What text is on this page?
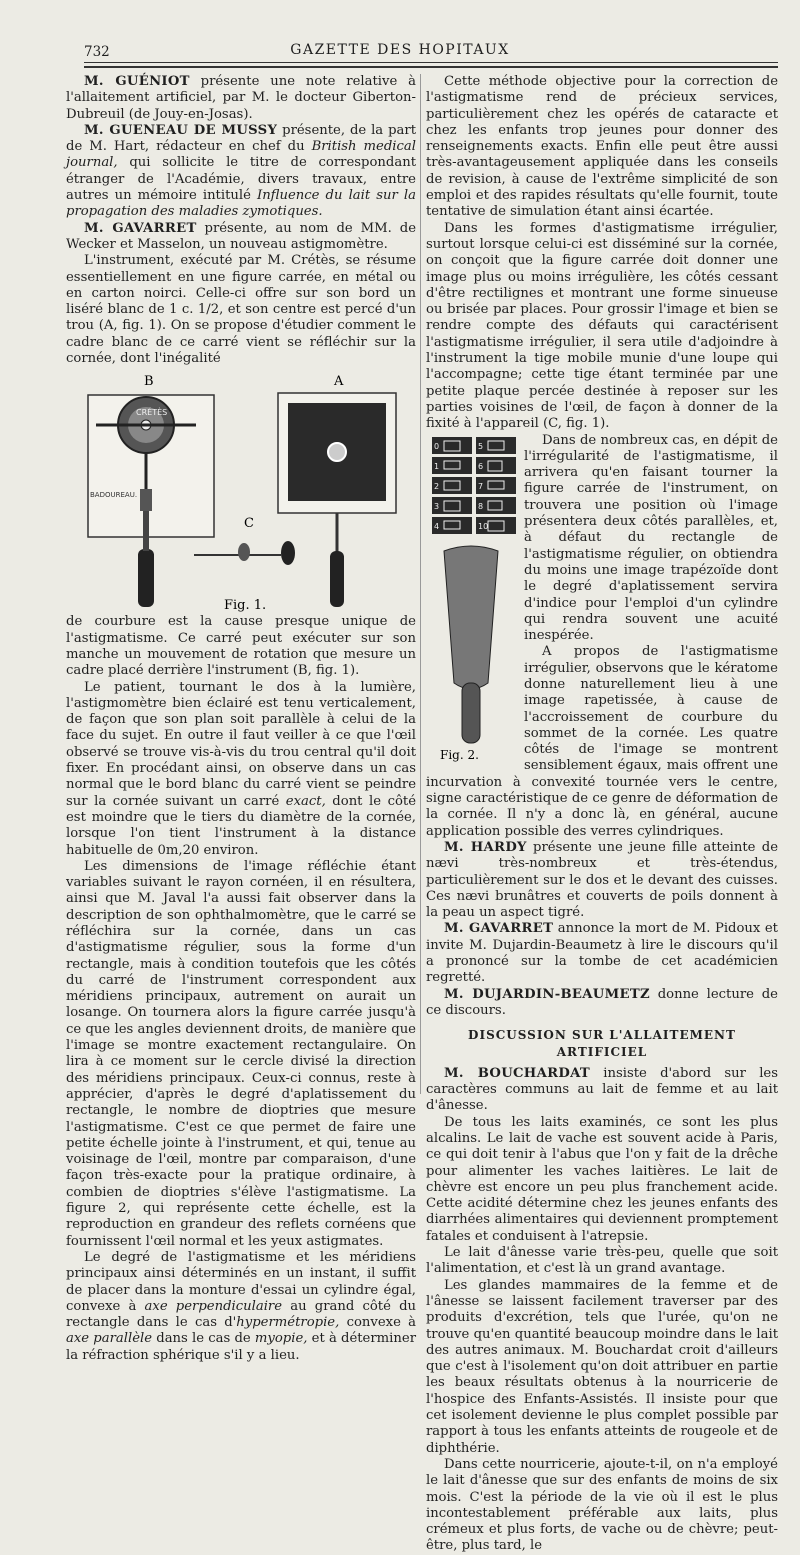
732	GAZETTE DES HOPITAUX

M. GUÉNIOT présente une note relative à l'allaitement artificiel, par M. le docteur Giberton-Dubreuil (de Jouy-en-Josas).

M. GUENEAU DE MUSSY présente, de la part de M. Hart, rédacteur en chef du British medical journal, qui sollicite le titre de correspondant étranger de l'Académie, divers travaux, entre autres un mémoire intitulé Influence du lait sur la propagation des maladies zymotiques.

M. GAVARRET présente, au nom de MM. de Wecker et Masselon, un nouveau astigmomètre.

L'instrument, exécuté par M. Crétès, se résume essentiellement en une figure carrée, en métal ou en carton noirci. Celle-ci offre sur son bord un liséré blanc de 1 c. 1/2, et son centre est percé d'un trou (A, fig. 1). On se propose d'étudier comment le cadre blanc de ce carré vient se réfléchir sur la cornée, dont l'inégalité

B	A
CRÉTÈS
BADOUREAU.
C
Fig. 1.

de courbure est la cause presque unique de l'astigmatisme. Ce carré peut exécuter sur son manche un mouvement de rotation que mesure un cadre placé derrière l'instrument (B, fig. 1).

Le patient, tournant le dos à la lumière, l'astigmomètre bien éclairé est tenu verticalement, de façon que son plan soit parallèle à celui de la face du sujet. En outre il faut veiller à ce que l'œil observé se trouve vis-à-vis du trou central qu'il doit fixer. En procédant ainsi, on observe dans un cas normal que le bord blanc du carré vient se peindre sur la cornée suivant un carré exact, dont le côté est moindre que le tiers du diamètre de la cornée, lorsque l'on tient l'instrument à la distance habituelle de 0m,20 environ.

Les dimensions de l'image réfléchie étant variables suivant le rayon cornéen, il en résultera, ainsi que M. Javal l'a aussi fait observer dans la description de son ophthalmomètre, que le carré se réfléchira sur la cornée, dans un cas d'astigmatisme régulier, sous la forme d'un rectangle, mais à condition toutefois que les côtés du carré de l'instrument correspondent aux méridiens principaux, autrement on aurait un losange. On tournera alors la figure carrée jusqu'à ce que les angles deviennent droits, de manière que l'image se montre exactement rectangulaire. On lira à ce moment sur le cercle divisé la direction des méridiens principaux. Ceux-ci connus, reste à apprécier, d'après le degré d'aplatissement du rectangle, le nombre de dioptries que mesure l'astigmatisme. C'est ce que permet de faire une petite échelle jointe à l'instrument, et qui, tenue au voisinage de l'œil, montre par comparaison, d'une façon très-exacte pour la pratique ordinaire, à combien de dioptries s'élève l'astigmatisme. La figure 2, qui représente cette échelle, est la reproduction en grandeur des reflets cornéens que fournissent l'œil normal et les yeux astigmates.

Le degré de l'astigmatisme et les méridiens principaux ainsi déterminés en un instant, il suffit de placer dans la monture d'essai un cylindre égal, convexe à axe perpendiculaire au grand côté du rectangle dans le cas d'hypermétropie, convexe à axe parallèle dans le cas de myopie, et à déterminer la réfraction sphérique s'il y a lieu.

Cette méthode objective pour la correction de l'astigmatisme rend de précieux services, particulièrement chez les opérés de cataracte et chez les enfants trop jeunes pour donner des renseignements exacts. Enfin elle peut être aussi très-avantageusement appliquée dans les conseils de revision, à cause de l'extrême simplicité de son emploi et des rapides résultats qu'elle fournit, toute tentative de simulation étant ainsi écartée.

Dans les formes d'astigmatisme irrégulier, surtout lorsque celui-ci est disséminé sur la cornée, on conçoit que la figure carrée doit donner une image plus ou moins irrégulière, les côtés cessant d'être rectilignes et montrant une forme sinueuse ou brisée par places. Pour grossir l'image et bien se rendre compte des défauts qui caractérisent l'astigmatisme irrégulier, il sera utile d'adjoindre à l'instrument la tige mobile munie d'une loupe qui l'accompagne; cette tige étant terminée par une petite plaque percée destinée à reposer sur les parties voisines de l'œil, de façon à donner de la fixité à l'appareil (C, fig. 1).

0	5
1	6
2	7
3	8
4	10
Fig. 2.

Dans de nombreux cas, en dépit de l'irrégularité de l'astigmatisme, il arrivera qu'en faisant tourner la figure carrée de l'instrument, on trouvera une position où l'image présentera deux côtés parallèles, et, à défaut du rectangle de l'astigmatisme régulier, on obtiendra du moins une image trapézoïde dont le degré d'aplatissement servira d'indice pour l'emploi d'un cylindre qui rendra souvent une acuité inespérée.

A propos de l'astigmatisme irrégulier, observons que le kératome donne naturellement lieu à une image rapetissée, à cause de l'accroissement de courbure du sommet de la cornée. Les quatre côtés de l'image se montrent sensiblement égaux, mais offrent une incurvation à convexité tournée vers le centre, signe caractéristique de ce genre de déformation de la cornée. Il n'y a donc là, en général, aucune application possible des verres cylindriques.

M. HARDY présente une jeune fille atteinte de nævi très-nombreux et très-étendus, particulièrement sur le dos et le devant des cuisses. Ces nævi brunâtres et couverts de poils donnent à la peau un aspect tigré.

M. GAVARRET annonce la mort de M. Pidoux et invite M. Dujardin-Beaumetz à lire le discours qu'il a prononcé sur la tombe de cet académicien regretté.

M. DUJARDIN-BEAUMETZ donne lecture de ce discours.

DISCUSSION SUR L'ALLAITEMENT ARTIFICIEL

M. BOUCHARDAT insiste d'abord sur les caractères communs au lait de femme et au lait d'ânesse.

De tous les laits examinés, ce sont les plus alcalins. Le lait de vache est souvent acide à Paris, ce qui doit tenir à l'abus que l'on y fait de la drêche pour alimenter les vaches laitières. Le lait de chèvre est encore un peu plus franchement acide. Cette acidité détermine chez les jeunes enfants des diarrhées alimentaires qui deviennent promptement fatales et conduisent à l'atrepsie.

Le lait d'ânesse varie très-peu, quelle que soit l'alimentation, et c'est là un grand avantage.

Les glandes mammaires de la femme et de l'ânesse se laissent facilement traverser par des produits d'excrétion, tels que l'urée, qu'on ne trouve qu'en quantité beaucoup moindre dans le lait des autres animaux. M. Bouchardat croit d'ailleurs que c'est à l'isolement qu'on doit attribuer en partie les beaux résultats obtenus à la nourricerie de l'hospice des Enfants-Assistés. Il insiste pour que cet isolement devienne le plus complet possible par rapport à tous les enfants atteints de rougeole et de diphthérie.

Dans cette nourricerie, ajoute-t-il, on n'a employé le lait d'ânesse que sur des enfants de moins de six mois. C'est la période de la vie où il est le plus incontestablement préférable aux laits, plus crémeux et plus forts, de vache ou de chèvre; peut-être, plus tard, le
